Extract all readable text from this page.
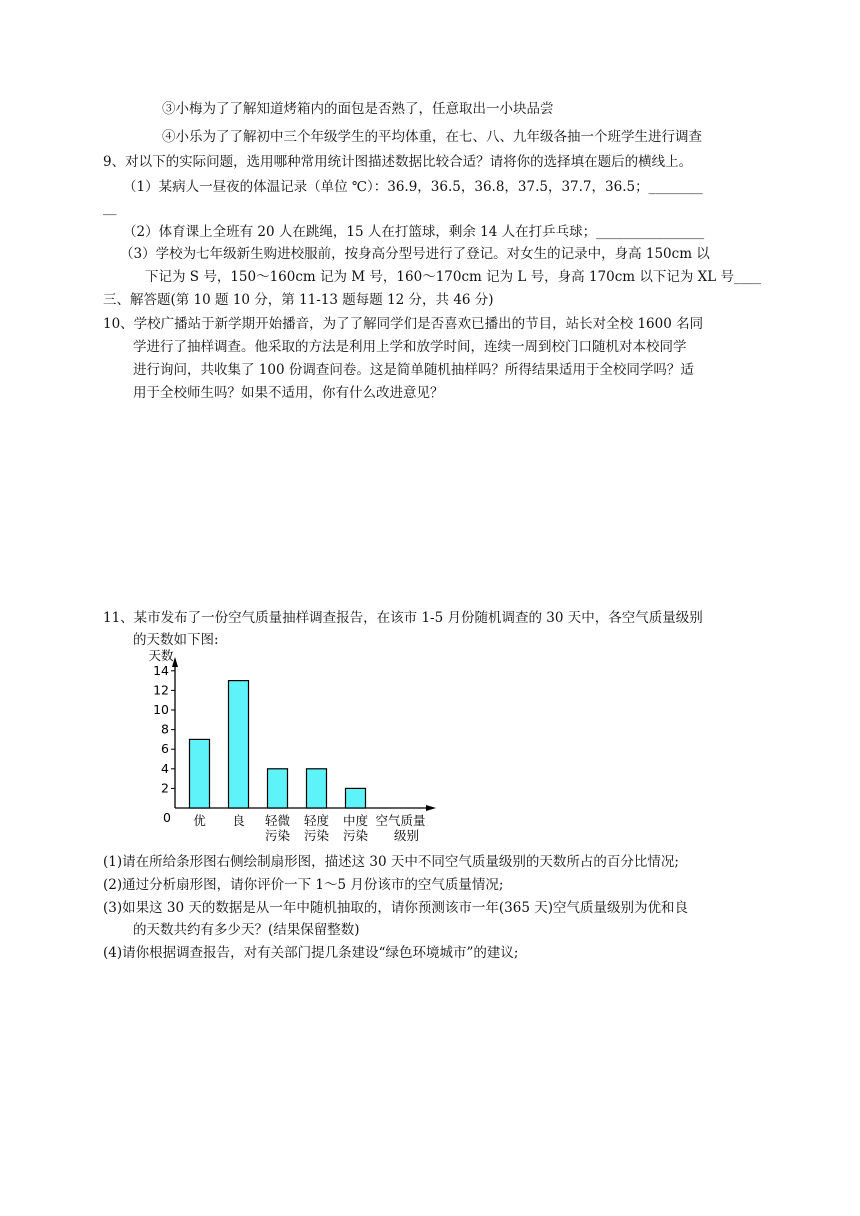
③小梅为了了解知道烤箱内的面包是否熟了，任意取出一小块品尝
④小乐为了了解初中三个年级学生的平均体重，在七、八、九年级各抽一个班学生进行调查
9、对以下的实际问题，选用哪种常用统计图描述数据比较合适？请将你的选择填在题后的横线上。
（1）某病人一昼夜的体温记录（单位 ℃）：36.9，36.5，36.8，37.5，37.7，36.5；________
__
（2）体育课上全班有 20 人在跳绳，15 人在打篮球，剩余 14 人在打乒乓球；________________
（3）学校为七年级新生购进校服前，按身高分型号进行了登记。对女生的记录中，身高 150cm 以
下记为 S 号，150～160cm 记为 M 号，160～170cm 记为 L 号，身高 170cm 以下记为 XL 号____
三、解答题(第 10 题 10 分，第 11-13 题每题 12 分，共 46 分)
10、学校广播站于新学期开始播音，为了了解同学们是否喜欢已播出的节目，站长对全校 1600 名同
学进行了抽样调查。他采取的方法是利用上学和放学时间，连续一周到校门口随机对本校同学
进行询问，共收集了 100 份调查问卷。这是简单随机抽样吗？所得结果适用于全校同学吗？适
用于全校师生吗？如果不适用，你有什么改进意见？
11、某市发布了一份空气质量抽样调查报告，在该市 1-5 月份随机调查的 30 天中，各空气质量级别
的天数如下图:
(1)请在所给条形图右侧绘制扇形图，描述这 30 天中不同空气质量级别的天数所占的百分比情况;
(2)通过分析扇形图，请你评价一下 1～5 月份该市的空气质量情况;
(3)如果这 30 天的数据是从一年中随机抽取的，请你预测该市一年(365 天)空气质量级别为优和良
的天数共约有多少天？(结果保留整数)
(4)请你根据调查报告，对有关部门提几条建设“绿色环境城市”的建议;
天数
2
4
6
8
10
12
14
0 优 良 轻微
污染
轻度
污染
中度
污染
空气质量
级别
